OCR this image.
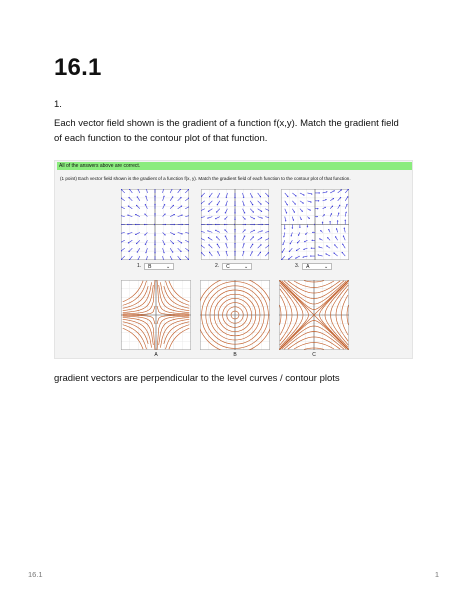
16.1
1.
Each vector field shown is the gradient of a function f(x,y). Match the gradient field of each function to the contour plot of that function.
All of the answers above are correct.
(1 point) Each vector field shown is the gradient of a function f(x, y). Match the gradient field of each function to the contour plot of that function.
1.	B	⌄	2.	C	⌄	3.	A	⌄
A	B	C
gradient vectors are perpendicular to the level curves / contour plots
16.1	1
